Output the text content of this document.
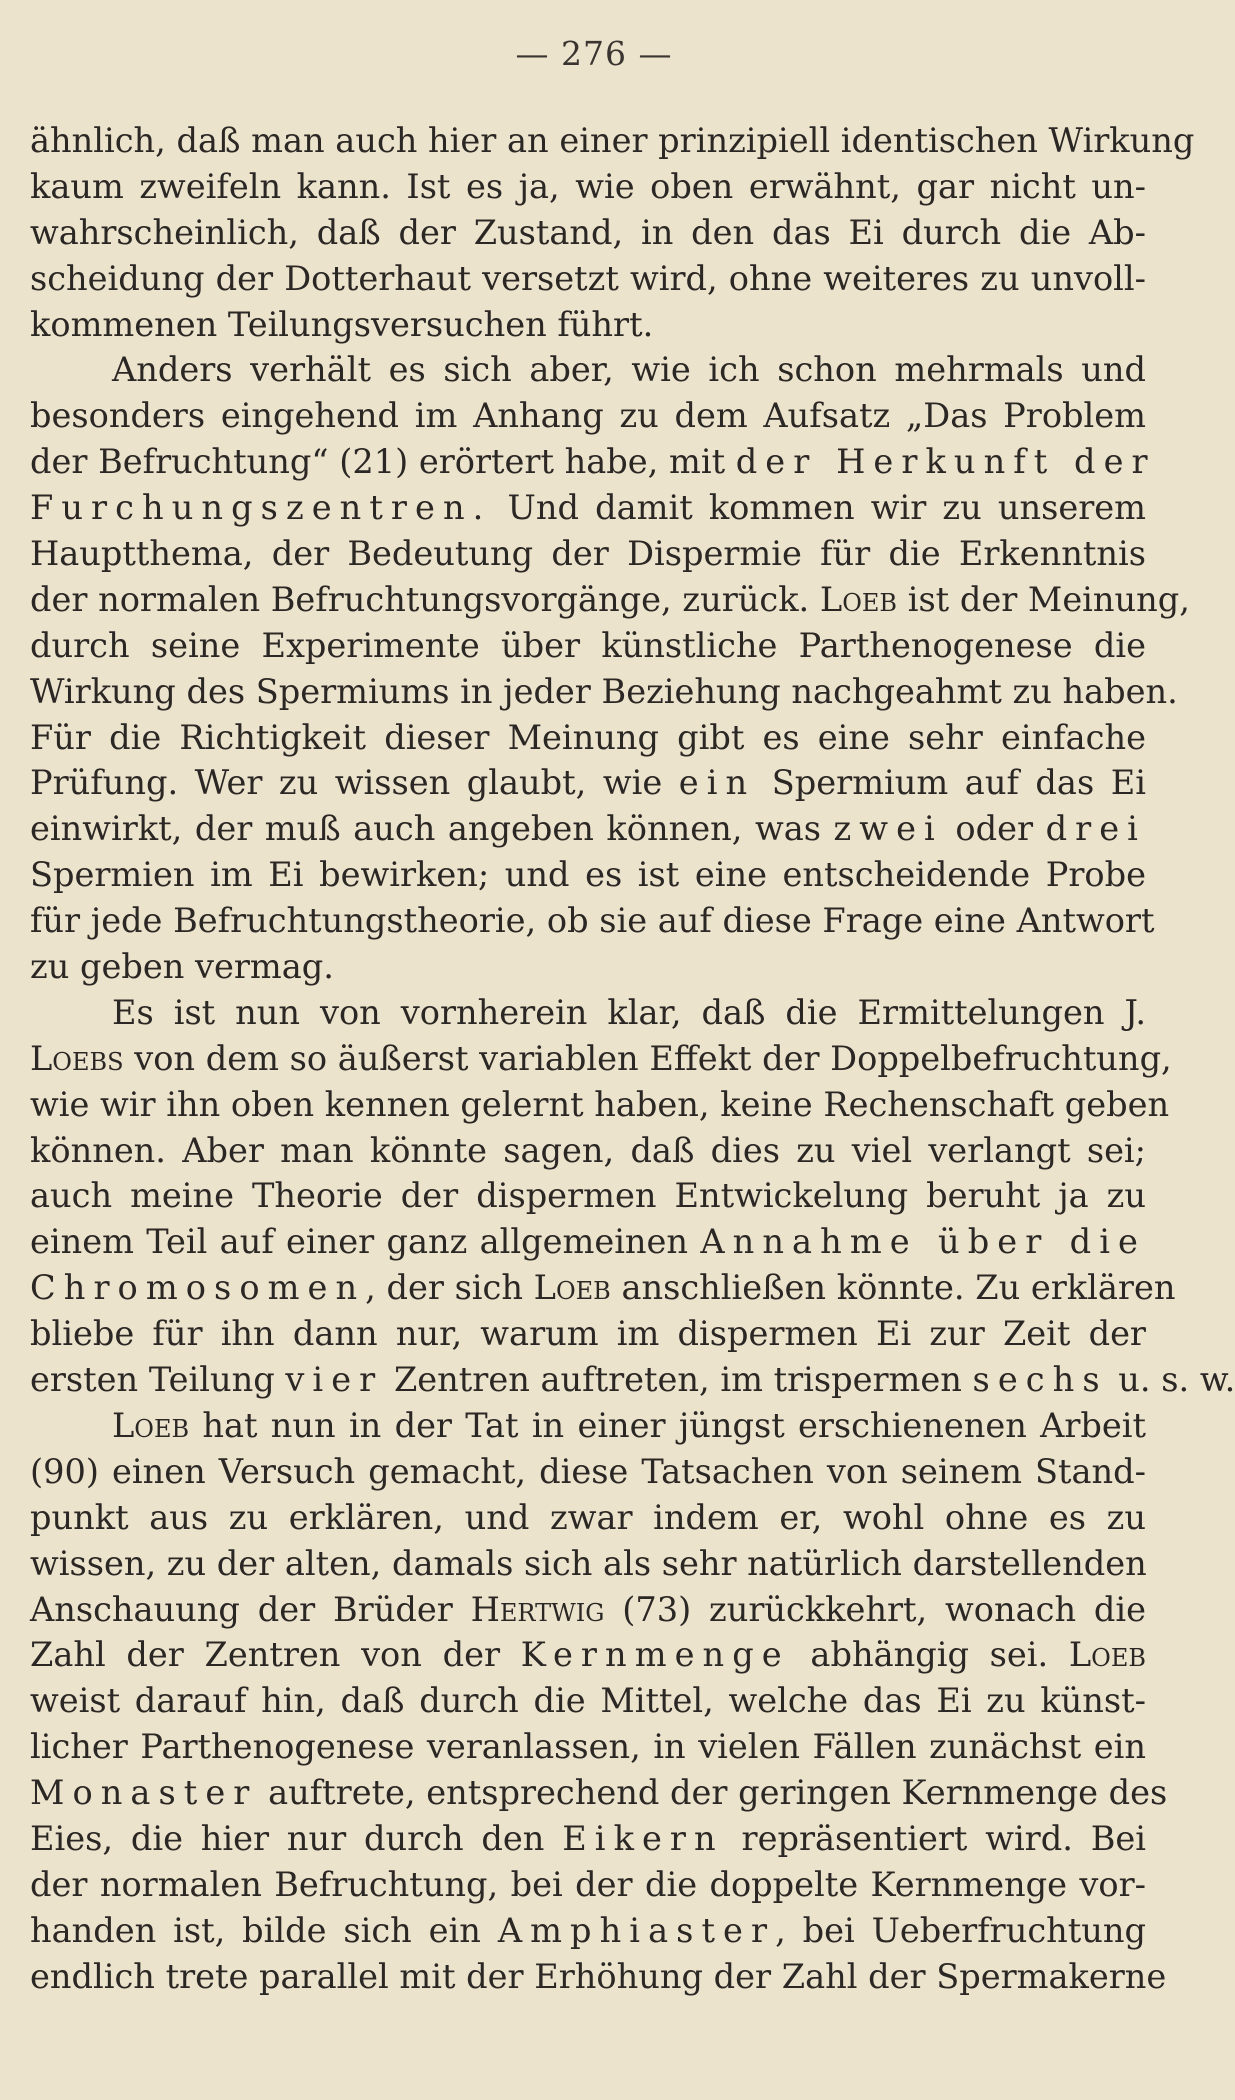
— 276 —
ähnlich, daß man auch hier an einer prinzipiell identischen Wirkung
kaum zweifeln kann. Ist es ja, wie oben erwähnt, gar nicht un-
wahrscheinlich, daß der Zustand, in den das Ei durch die Ab-
scheidung der Dotterhaut versetzt wird, ohne weiteres zu unvoll-
kommenen Teilungsversuchen führt.
Anders verhält es sich aber, wie ich schon mehrmals und
besonders eingehend im Anhang zu dem Aufsatz „Das Problem
der Befruchtung“ (21) erörtert habe, mit der Herkunft der
Furchungszentren. Und damit kommen wir zu unserem
Hauptthema, der Bedeutung der Dispermie für die Erkenntnis
der normalen Befruchtungsvorgänge, zurück. Loeb ist der Meinung,
durch seine Experimente über künstliche Parthenogenese die
Wirkung des Spermiums in jeder Beziehung nachgeahmt zu haben.
Für die Richtigkeit dieser Meinung gibt es eine sehr einfache
Prüfung. Wer zu wissen glaubt, wie ein Spermium auf das Ei
einwirkt, der muß auch angeben können, was zwei oder drei
Spermien im Ei bewirken; und es ist eine entscheidende Probe
für jede Befruchtungstheorie, ob sie auf diese Frage eine Antwort
zu geben vermag.
Es ist nun von vornherein klar, daß die Ermittelungen J.
Loebs von dem so äußerst variablen Effekt der Doppelbefruchtung,
wie wir ihn oben kennen gelernt haben, keine Rechenschaft geben
können. Aber man könnte sagen, daß dies zu viel verlangt sei;
auch meine Theorie der dispermen Entwickelung beruht ja zu
einem Teil auf einer ganz allgemeinen Annahme über die
Chromosomen, der sich Loeb anschließen könnte. Zu erklären
bliebe für ihn dann nur, warum im dispermen Ei zur Zeit der
ersten Teilung vier Zentren auftreten, im trispermen sechs u. s. w.
Loeb hat nun in der Tat in einer jüngst erschienenen Arbeit
(90) einen Versuch gemacht, diese Tatsachen von seinem Stand-
punkt aus zu erklären, und zwar indem er, wohl ohne es zu
wissen, zu der alten, damals sich als sehr natürlich darstellenden
Anschauung der Brüder Hertwig (73) zurückkehrt, wonach die
Zahl der Zentren von der Kernmenge abhängig sei. Loeb
weist darauf hin, daß durch die Mittel, welche das Ei zu künst-
licher Parthenogenese veranlassen, in vielen Fällen zunächst ein
Monaster auftrete, entsprechend der geringen Kernmenge des
Eies, die hier nur durch den Eikern repräsentiert wird. Bei
der normalen Befruchtung, bei der die doppelte Kernmenge vor-
handen ist, bilde sich ein Amphiaster, bei Ueberfruchtung
endlich trete parallel mit der Erhöhung der Zahl der Spermakerne
